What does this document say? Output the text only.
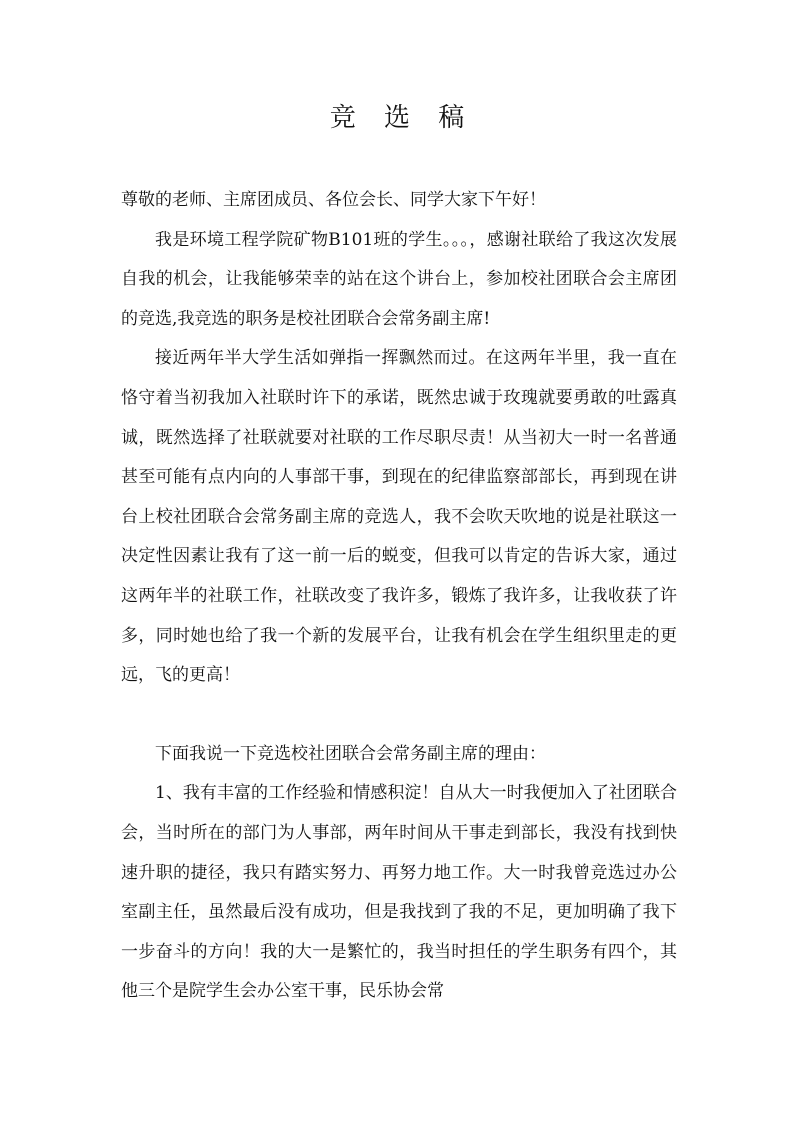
竞 选 稿

尊敬的老师、主席团成员、各位会长、同学大家下午好！

我是环境工程学院矿物B101班的学生。。。，感谢社联给了我这次发展自我的机会，让我能够荣幸的站在这个讲台上，参加校社团联合会主席团的竞选,我竞选的职务是校社团联合会常务副主席!

接近两年半大学生活如弹指一挥飘然而过。在这两年半里，我一直在恪守着当初我加入社联时许下的承诺，既然忠诚于玫瑰就要勇敢的吐露真诚，既然选择了社联就要对社联的工作尽职尽责！从当初大一时一名普通甚至可能有点内向的人事部干事，到现在的纪律监察部部长，再到现在讲台上校社团联合会常务副主席的竞选人，我不会吹天吹地的说是社联这一决定性因素让我有了这一前一后的蜕变，但我可以肯定的告诉大家，通过这两年半的社联工作，社联改变了我许多，锻炼了我许多，让我收获了许多，同时她也给了我一个新的发展平台，让我有机会在学生组织里走的更远，飞的更高！

下面我说一下竞选校社团联合会常务副主席的理由：

1、我有丰富的工作经验和情感积淀！自从大一时我便加入了社团联合会，当时所在的部门为人事部，两年时间从干事走到部长，我没有找到快速升职的捷径，我只有踏实努力、再努力地工作。大一时我曾竞选过办公室副主任，虽然最后没有成功，但是我找到了我的不足，更加明确了我下一步奋斗的方向！我的大一是繁忙的，我当时担任的学生职务有四个，其他三个是院学生会办公室干事，民乐协会常
